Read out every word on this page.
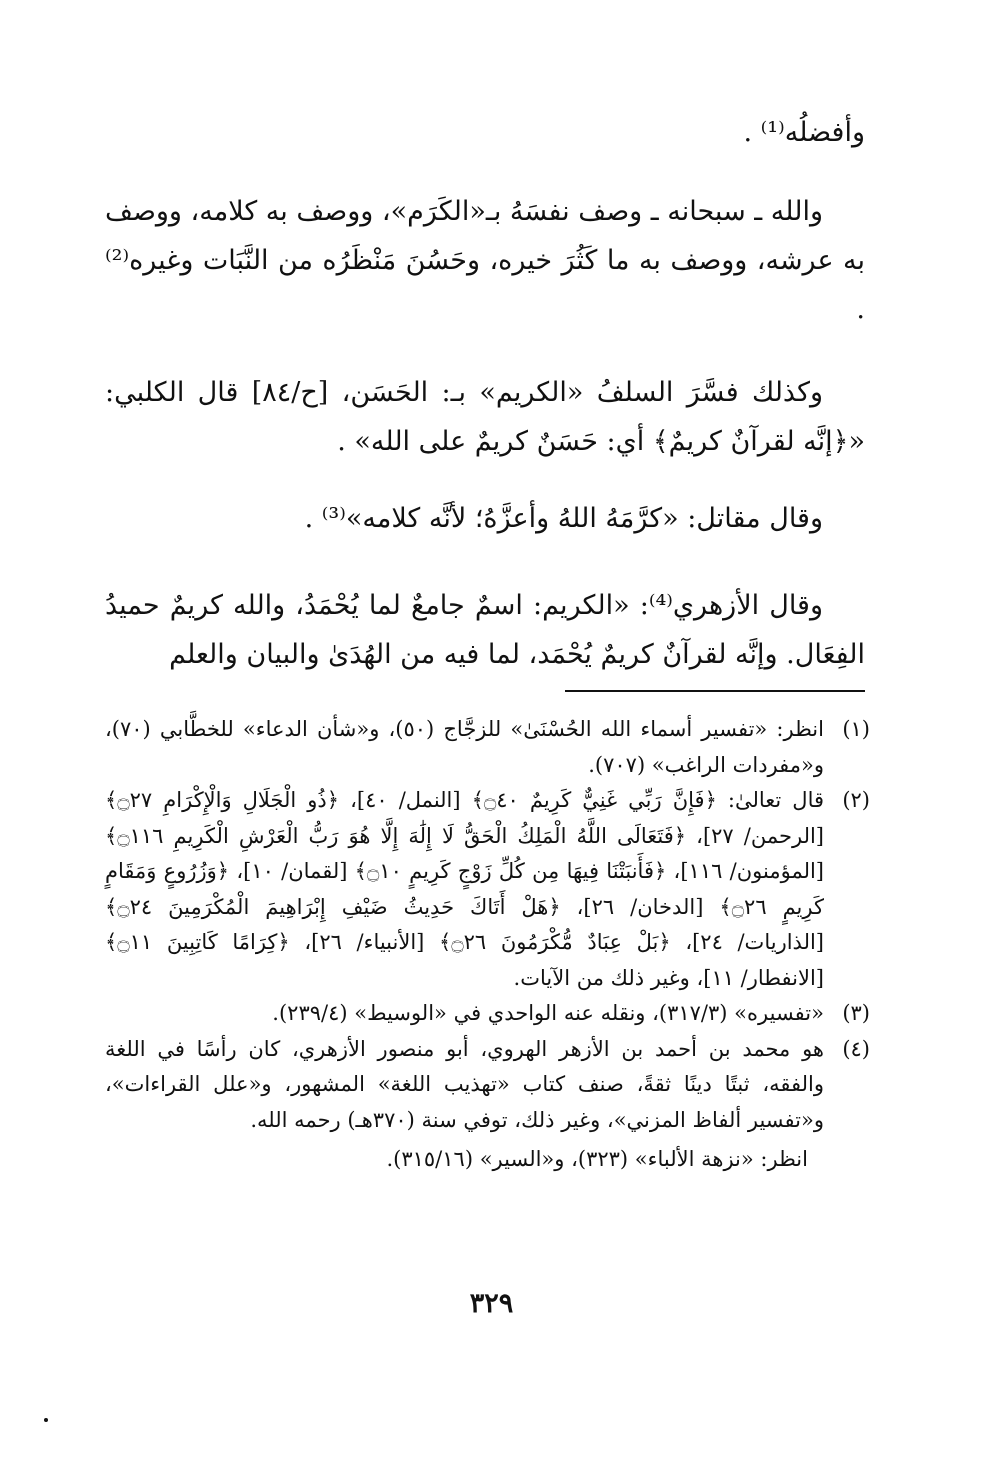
وأفضلُه⁽¹⁾ .

والله ـ سبحانه ـ وصف نفسَهُ بـ«الكَرَم»، ووصف به كلامه، ووصف به عرشه، ووصف به ما كَثُرَ خيره، وحَسُنَ مَنْظَرُه من النَّبَات وغيره⁽²⁾ .

وكذلك فسَّرَ السلفُ «الكريم» بـ: الحَسَن، [ح/٨٤] قال الكلبي: «﴿إنَّه لقرآنٌ كريمٌ﴾ أي: حَسَنٌ كريمٌ على الله» .

وقال مقاتل: «كرَّمَهُ اللهُ وأعزَّهُ؛ لأنَّه كلامه»⁽³⁾ .

وقال الأزهري⁽⁴⁾: «الكريم: اسمٌ جامعٌ لما يُحْمَدُ، والله كريمٌ حميدُ الفِعَال. وإنَّه لقرآنٌ كريمٌ يُحْمَد، لما فيه من الهُدَىٰ والبيان والعلم

(١)
انظر: «تفسير أسماء الله الحُسْنَىٰ» للزجَّاج (٥٠)، و«شأن الدعاء» للخطَّابي (٧٠)، و«مفردات الراغب» (٧٠٧).
(٢)
قال تعالىٰ: ﴿فَإِنَّ رَبِّي غَنِيٌّ كَرِيمٌ ۝٤٠﴾ [النمل/ ٤٠]، ﴿ذُو الْجَلَالِ وَالْإِكْرَامِ ۝٢٧﴾ [الرحمن/ ٢٧]، ﴿فَتَعَالَى اللَّهُ الْمَلِكُ الْحَقُّ لَا إِلَٰهَ إِلَّا هُوَ رَبُّ الْعَرْشِ الْكَرِيمِ ۝١١٦﴾ [المؤمنون/ ١١٦]، ﴿فَأَنبَتْنَا فِيهَا مِن كُلِّ زَوْجٍ كَرِيمٍ ۝١٠﴾ [لقمان/ ١٠]، ﴿وَزُرُوعٍ وَمَقَامٍ كَرِيمٍ ۝٢٦﴾ [الدخان/ ٢٦]، ﴿هَلْ أَتَاكَ حَدِيثُ ضَيْفِ إِبْرَاهِيمَ الْمُكْرَمِينَ ۝٢٤﴾ [الذاريات/ ٢٤]، ﴿بَلْ عِبَادٌ مُّكْرَمُونَ ۝٢٦﴾ [الأنبياء/ ٢٦]، ﴿كِرَامًا كَاتِبِينَ ۝١١﴾ [الانفطار/ ١١]، وغير ذلك من الآيات.
(٣)
«تفسيره» (٣١٧/٣)، ونقله عنه الواحدي في «الوسيط» (٢٣٩/٤).
(٤)
هو محمد بن أحمد بن الأزهر الهروي، أبو منصور الأزهري، كان رأسًا في اللغة والفقه، ثبتًا دينًا ثقةً، صنف كتاب «تهذيب اللغة» المشهور، و«علل القراءات»، و«تفسير ألفاظ المزني»، وغير ذلك، توفي سنة (٣٧٠هـ) رحمه الله.
انظر: «نزهة الألباء» (٣٢٣)، و«السير» (٣١٥/١٦).
٣٢٩
